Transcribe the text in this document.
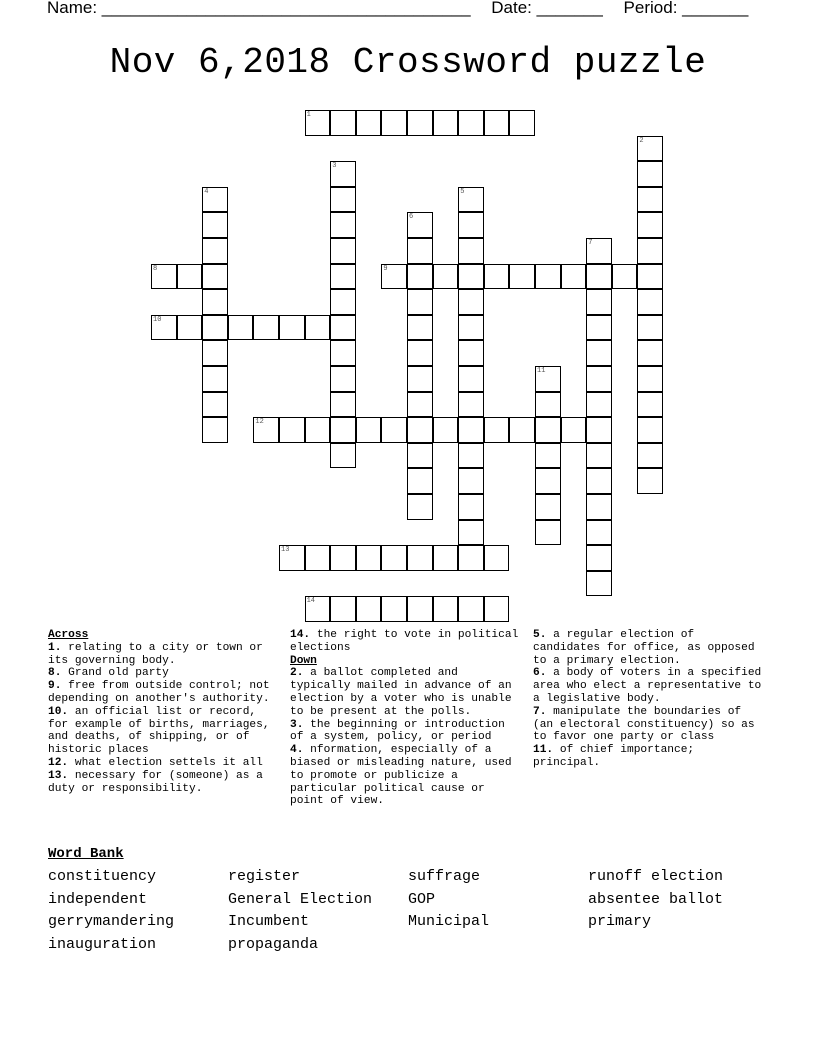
Name: _______________________________________ Date: _______ Period: _______
Nov 6,2018 Crossword puzzle
1
2
3
4	5
6
7
8	9
10
11
12
13
14
Across
1. relating to a city or town or its governing body.
8. Grand old party
9. free from outside control; not depending on another's authority.
10. an official list or record, for example of births, marriages, and deaths, of shipping, or of historic places
12. what election settels it all
13. necessary for (someone) as a duty or responsibility.
14. the right to vote in political elections
Down
2. a ballot completed and typically mailed in advance of an election by a voter who is unable to be present at the polls.
3. the beginning or introduction of a system, policy, or period
4. nformation, especially of a biased or misleading nature, used to promote or publicize a particular political cause or point of view.
5. a regular election of candidates for office, as opposed to a primary election.
6. a body of voters in a specified area who elect a representative to a legislative body.
7. manipulate the boundaries of (an electoral constituency) so as to favor one party or class
11. of chief importance; principal.
Word Bank
constituency	register	suffrage	runoff election
independent	General Election	GOP	absentee ballot
gerrymandering	Incumbent	Municipal	primary
inauguration	propaganda
